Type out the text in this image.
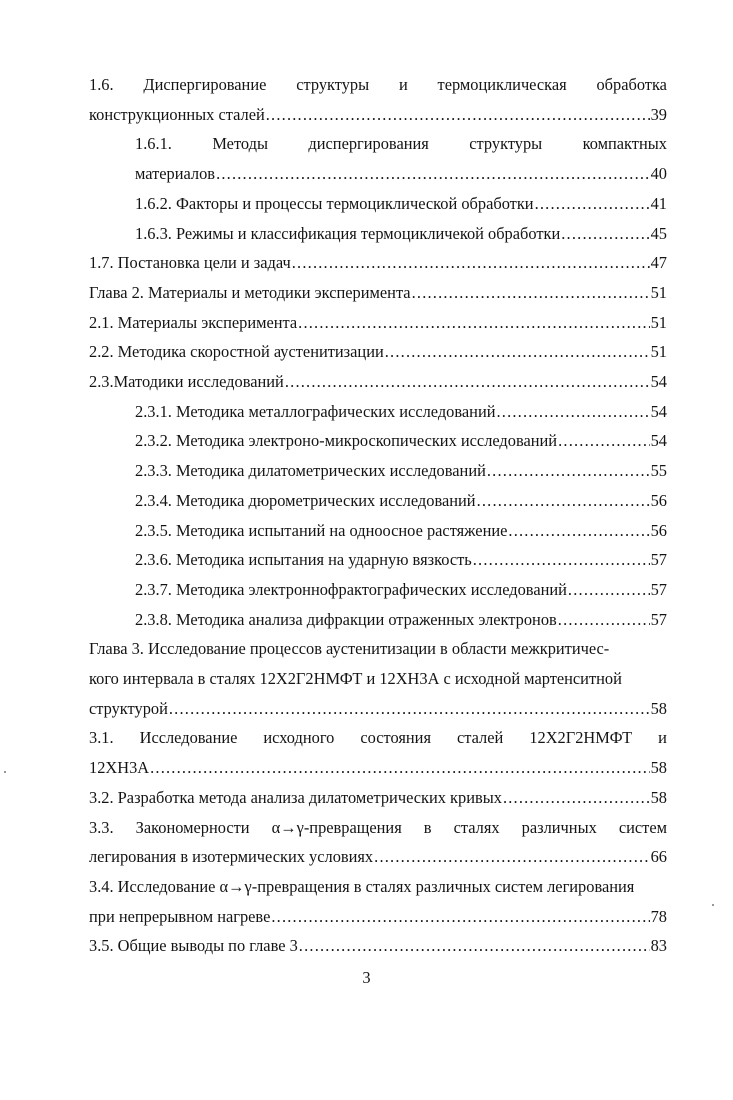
1.6. Диспергирование структуры и термоциклическая обработка
конструкционных сталей .....	39
1.6.1. Методы диспергирования структуры компактных
материалов .....	40
1.6.2. Факторы и процессы термоциклической обработки .....	41
1.6.3. Режимы и классификация термоцикличекой обработки .....	45
1.7. Постановка цели и задач .....	47
Глава 2. Материалы и методики эксперимента .....	51
2.1. Материалы эксперимента .....	51
2.2. Методика скоростной аустенитизации .....	51
2.3.Матодики исследований .....	54
2.3.1. Методика металлографических исследований .....	54
2.3.2. Методика электроно-микроскопических исследований .....	54
2.3.3. Методика дилатометрических исследований .....	55
2.3.4. Методика дюрометрических исследований .....	56
2.3.5. Методика испытаний на одноосное растяжение .....	56
2.3.6. Методика испытания на ударную вязкость .....	57
2.3.7. Методика электроннофрактографических исследований .....	57
2.3.8. Методика анализа дифракции отраженных электронов .....	57
Глава 3. Исследование процессов аустенитизации в области межкритичес-
кого интервала в сталях 12Х2Г2НМФТ и 12ХН3А с исходной мартенситной
структурой .....	58
3.1. Исследование исходного состояния сталей 12Х2Г2НМФТ и
12ХН3А .....	58
3.2. Разработка метода анализа дилатометрических кривых .....	58
3.3. Закономерности α→γ-превращения в сталях различных систем
легирования в изотермических условиях .....	66
3.4. Исследование α→γ-превращения в сталях различных систем легирования
при непрерывном нагреве .....	78
3.5. Общие выводы по главе 3 .....	83
3
